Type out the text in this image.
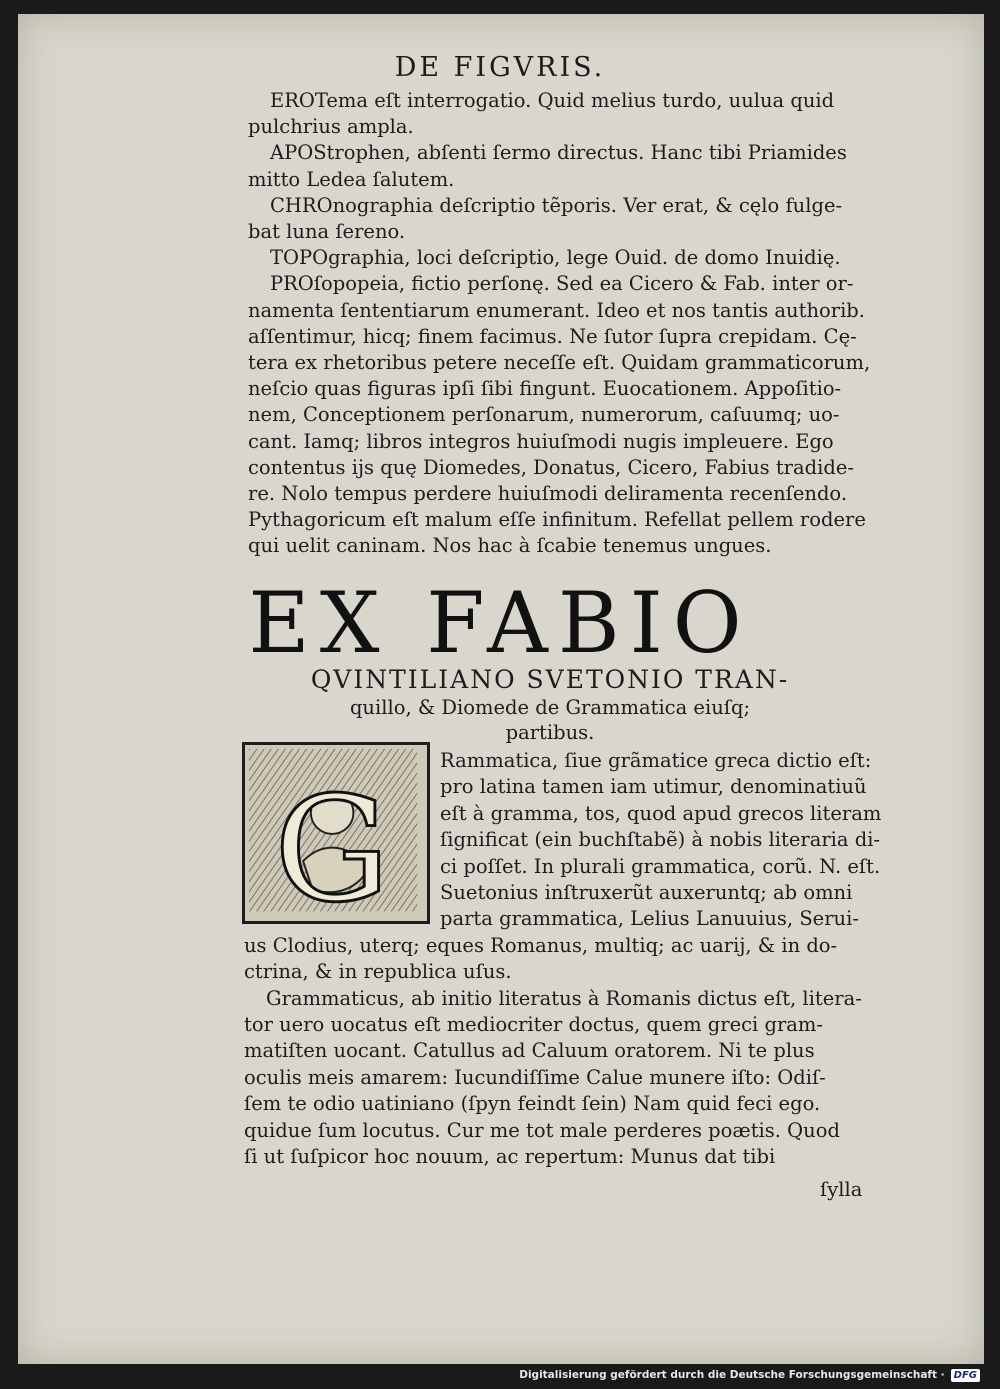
DE FIGVRIS.

EROTema eſt interrogatio. Quid melius turdo, uulua quid
pulchrius ampla.

APOStrophen, abſenti ſermo directus. Hanc tibi Priamides
mitto Ledea ſalutem.

CHROnographia deſcriptio tẽporis. Ver erat, & cęlo fulge-
bat luna ſereno.

TOPOgraphia, loci deſcriptio, lege Ouid. de domo Inuidię.

PROſopopeia, fictio perſonę. Sed ea Cicero & Fab. inter or-
namenta ſententiarum enumerant. Ideo et nos tantis authorib.
aſſentimur, hicq; finem facimus. Ne ſutor ſupra crepidam. Cę-
tera ex rhetoribus petere neceſſe eſt. Quidam grammaticorum,
neſcio quas figuras ipſi ſibi fingunt. Euocationem. Appoſitio-
nem, Conceptionem perſonarum, numerorum, caſuumq; uo-
cant. Iamq; libros integros huiuſmodi nugis impleuere. Ego
contentus ijs quę Diomedes, Donatus, Cicero, Fabius tradide-
re. Nolo tempus perdere huiuſmodi deliramenta recenſendo.
Pythagoricum eſt malum eſſe infinitum. Refellat pellem rodere
qui uelit caninam. Nos hac à ſcabie tenemus ungues.

EX FABIO
QVINTILIANO SVETONIO TRAN-
quillo, & Diomede de Grammatica eiuſq;
partibus.
G
Rammatica, ſiue grãmatice greca dictio eſt:
pro latina tamen iam utimur, denominatiuũ
eſt à gramma, tos, quod apud grecos literam
ſignificat (ein buchſtabẽ) à nobis literaria di-
ci poſſet. In plurali grammatica, corũ. N. eſt.
Suetonius inſtruxerũt auxeruntq; ab omni
parta grammatica, Lelius Lanuuius, Serui-
us Clodius, uterq; eques Romanus, multiq; ac uarij, & in do-
ctrina, & in republica uſus.
Grammaticus, ab initio literatus à Romanis dictus eſt, litera-
tor uero uocatus eſt mediocriter doctus, quem greci gram-
matiſten uocant. Catullus ad Caluum oratorem. Ni te plus
oculis meis amarem: Iucundiſſime Calue munere iſto: Odiſ-
ſem te odio uatiniano (ſpyn feindt ſein) Nam quid feci ego.
quidue ſum locutus. Cur me tot male perderes poætis. Quod
ſi ut ſuſpicor hoc nouum, ac repertum: Munus dat tibi
ſylla
Digitalisierung gefördert durch die Deutsche Forschungsgemeinschaft · DFG
